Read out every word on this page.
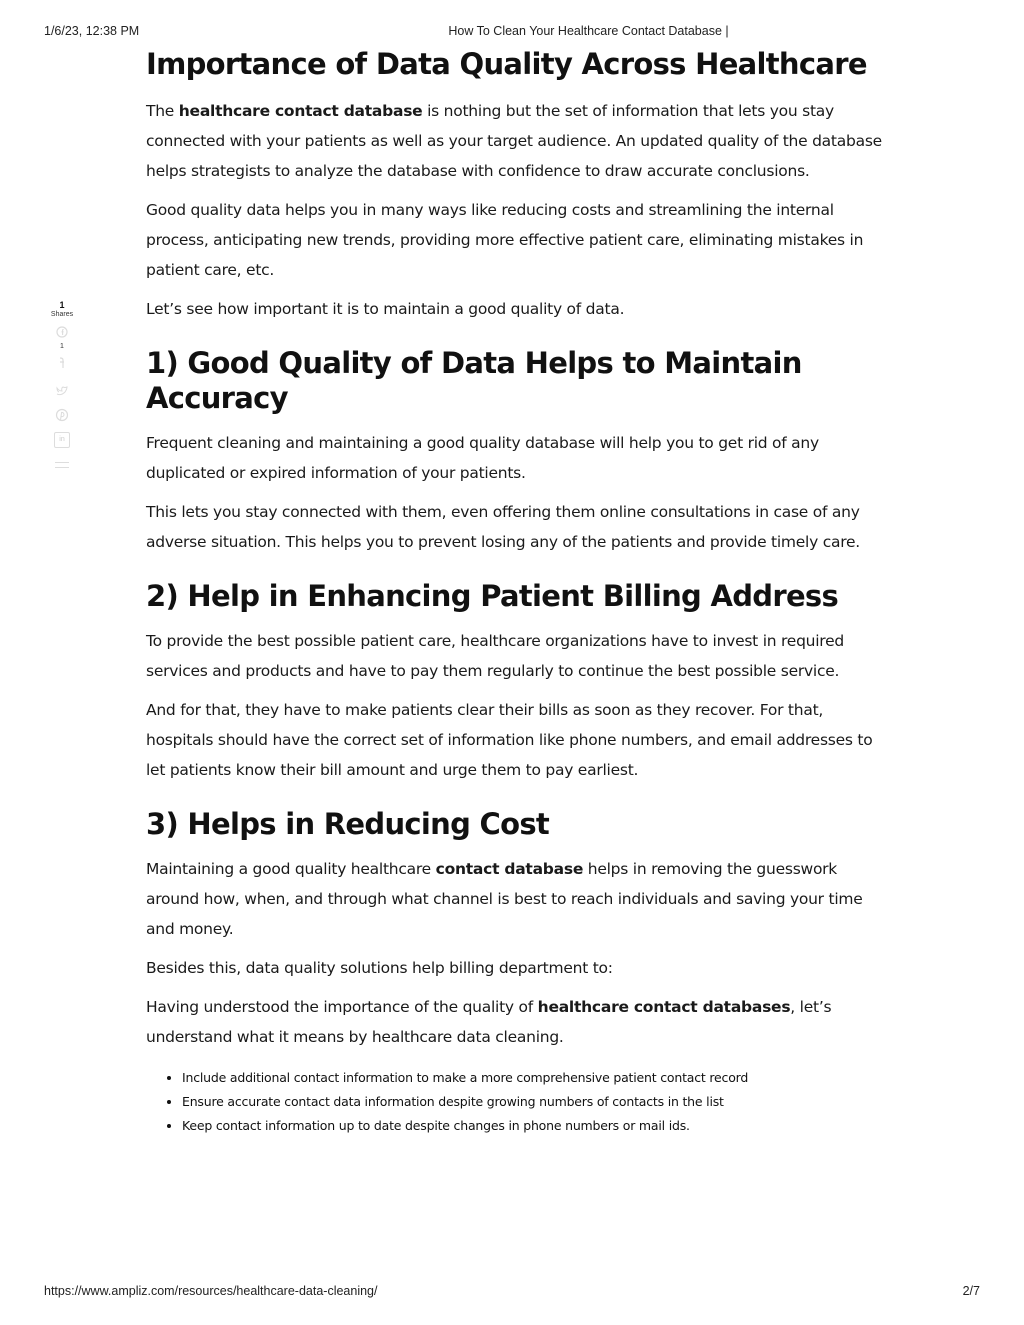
1/6/23, 12:38 PM	How To Clean Your Healthcare Contact Database |
1
Shares
1
in
Importance of Data Quality Across Healthcare

The healthcare contact database is nothing but the set of information that lets you stay connected with your patients as well as your target audience. An updated quality of the database helps strategists to analyze the database with confidence to draw accurate conclusions.

Good quality data helps you in many ways like reducing costs and streamlining the internal process, anticipating new trends, providing more effective patient care, eliminating mistakes in patient care, etc.

Let’s see how important it is to maintain a good quality of data.

1) Good Quality of Data Helps to Maintain Accuracy

Frequent cleaning and maintaining a good quality database will help you to get rid of any duplicated or expired information of your patients.

This lets you stay connected with them, even offering them online consultations in case of any adverse situation. This helps you to prevent losing any of the patients and provide timely care.

2) Help in Enhancing Patient Billing Address

To provide the best possible patient care, healthcare organizations have to invest in required services and products and have to pay them regularly to continue the best possible service.

And for that, they have to make patients clear their bills as soon as they recover. For that, hospitals should have the correct set of information like phone numbers, and email addresses to let patients know their bill amount and urge them to pay earliest.

3) Helps in Reducing Cost

Maintaining a good quality healthcare contact database helps in removing the guesswork around how, when, and through what channel is best to reach individuals and saving your time and money.

Besides this, data quality solutions help billing department to:

Having understood the importance of the quality of healthcare contact databases, let’s understand what it means by healthcare data cleaning.

• Include additional contact information to make a more comprehensive patient contact record
• Ensure accurate contact data information despite growing numbers of contacts in the list
• Keep contact information up to date despite changes in phone numbers or mail ids.
https://www.ampliz.com/resources/healthcare-data-cleaning/	2/7
